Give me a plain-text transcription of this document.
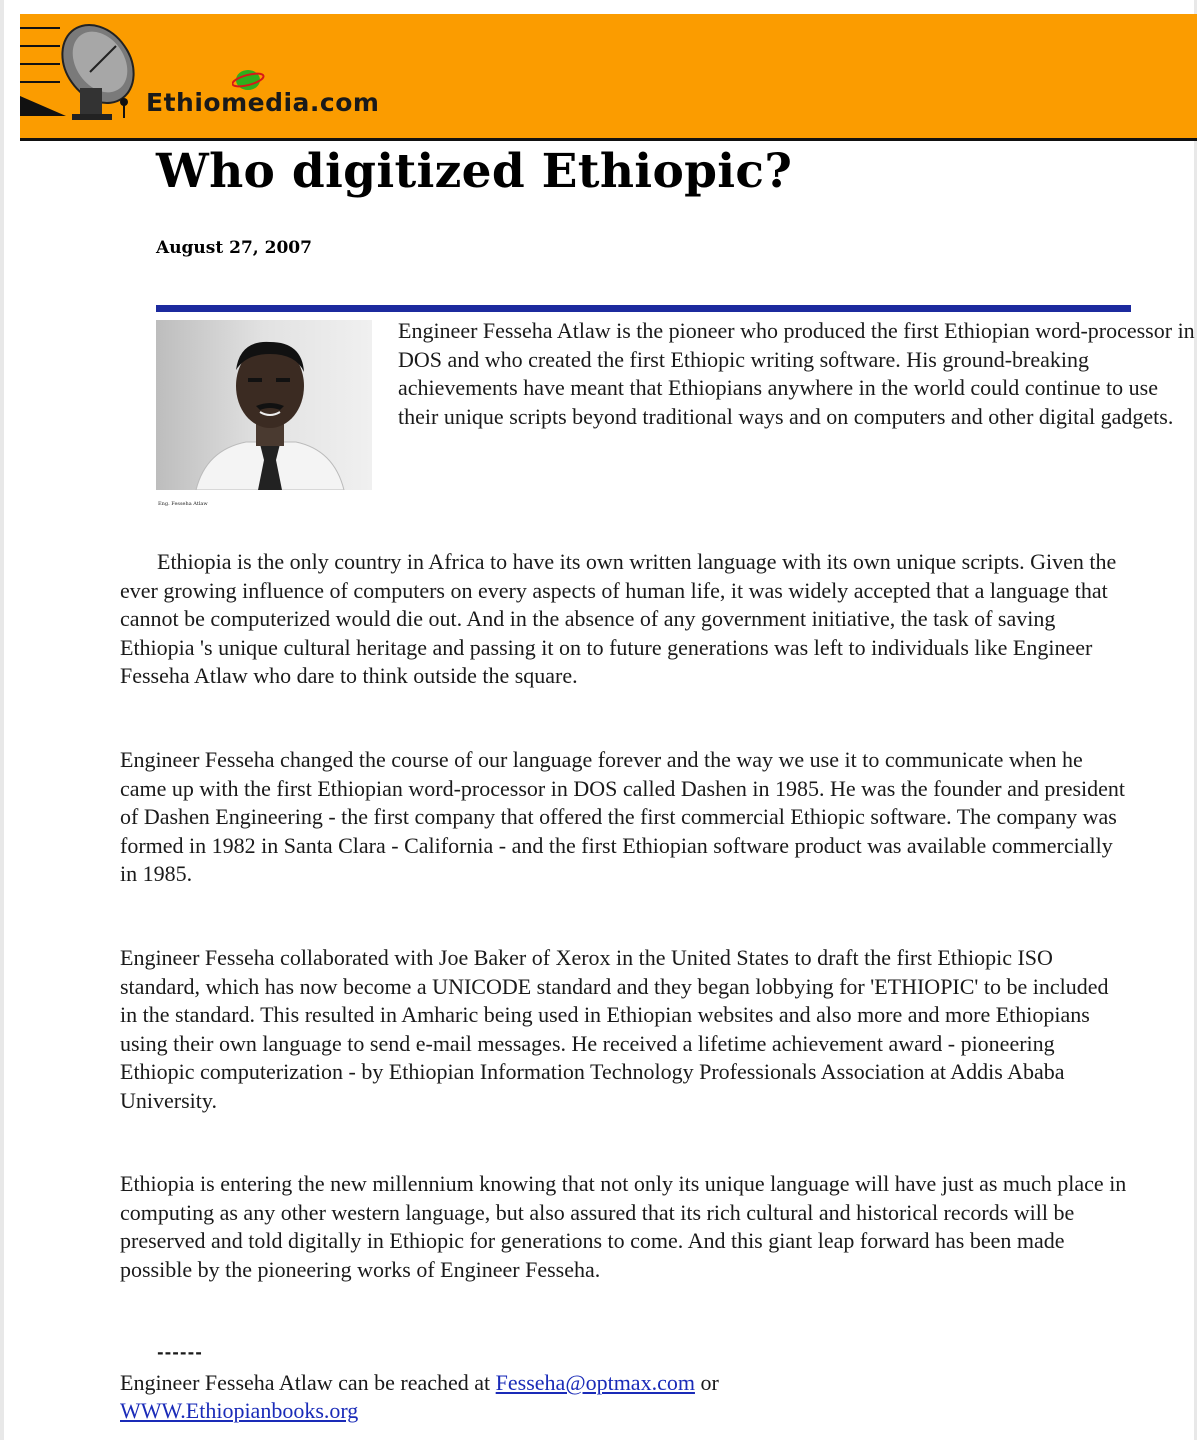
Ethiomedia.com
Who digitized Ethiopic?
August 27, 2007
Eng. Fesseha Atlaw

Engineer Fesseha Atlaw is the pioneer who produced the first Ethiopian word-processor in DOS and who created the first Ethiopic writing software. His ground-breaking achievements have meant that Ethiopians anywhere in the world could continue to use their unique scripts beyond traditional ways and on computers and other digital gadgets.

Ethiopia is the only country in Africa to have its own written language with its own unique scripts. Given the ever growing influence of computers on every aspects of human life, it was widely accepted that a language that cannot be computerized would die out. And in the absence of any government initiative, the task of saving Ethiopia 's unique cultural heritage and passing it on to future generations was left to individuals like Engineer Fesseha Atlaw who dare to think outside the square.

Engineer Fesseha changed the course of our language forever and the way we use it to communicate when he came up with the first Ethiopian word-processor in DOS called Dashen in 1985. He was the founder and president of Dashen Engineering - the first company that offered the first commercial Ethiopic software. The company was formed in 1982 in Santa Clara - California - and the first Ethiopian software product was available commercially in 1985.

Engineer Fesseha collaborated with Joe Baker of Xerox in the United States to draft the first Ethiopic ISO standard, which has now become a UNICODE standard and they began lobbying for 'ETHIOPIC' to be included in the standard. This resulted in Amharic being used in Ethiopian websites and also more and more Ethiopians using their own language to send e-mail messages. He received a lifetime achievement award - pioneering Ethiopic computerization - by Ethiopian Information Technology Professionals Association at Addis Ababa University.

Ethiopia is entering the new millennium knowing that not only its unique language will have just as much place in computing as any other western language, but also assured that its rich cultural and historical records will be preserved and told digitally in Ethiopic for generations to come. And this giant leap forward has been made possible by the pioneering works of Engineer Fesseha.

------

Engineer Fesseha Atlaw can be reached at Fesseha@optmax.com or
WWW.Ethiopianbooks.org
